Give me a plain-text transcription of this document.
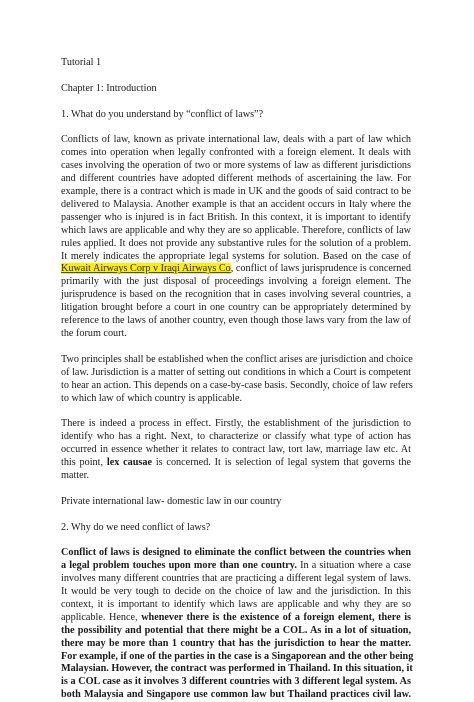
Tutorial 1
Chapter 1: Introduction
1. What do you understand by “conflict of laws”?
Conflicts of law, known as private international law, deals with a part of law which
comes into operation when legally confronted with a foreign element. It deals with
cases involving the operation of two or more systems of law as different jurisdictions
and different countries have adopted different methods of ascertaining the law. For
example, there is a contract which is made in UK and the goods of said contract to be
delivered to Malaysia. Another example is that an accident occurs in Italy where the
passenger who is injured is in fact British. In this context, it is important to identify
which laws are applicable and why they are so applicable. Therefore, conflicts of law
rules applied. It does not provide any substantive rules for the solution of a problem.
It merely indicates the appropriate legal systems for solution. Based on the case of
Kuwait Airways Corp v Iraqi Airways Co, conflict of laws jurisprudence is concerned
primarily with the just disposal of proceedings involving a foreign element. The
jurisprudence is based on the recognition that in cases involving several countries, a
litigation brought before a court in one country can be appropriately determined by
reference to the laws of another country, even though those laws vary from the law of
the forum court.
Two principles shall be established when the conflict arises are jurisdiction and choice
of law. Jurisdiction is a matter of setting out conditions in which a Court is competent
to hear an action. This depends on a case-by-case basis. Secondly, choice of law refers
to which law of which country is applicable.
There is indeed a process in effect. Firstly, the establishment of the jurisdiction to
identify who has a right. Next, to characterize or classify what type of action has
occurred in essence whether it relates to contract law, tort law, marriage law etc. At
this point, lex causae is concerned. It is selection of legal system that governs the
matter.
Private international law- domestic law in our country
2. Why do we need conflict of laws?
Conflict of laws is designed to eliminate the conflict between the countries when
a legal problem touches upon more than one country. In a situation where a case
involves many different countries that are practicing a different legal system of laws.
It would be very tough to decide on the choice of law and the jurisdiction. In this
context, it is important to identify which laws are applicable and why they are so
applicable. Hence, whenever there is the existence of a foreign element, there is
the possibility and potential that there might be a COL. As in a lot of situation,
there may be more than 1 country that has the jurisdiction to hear the matter.
For example, if one of the parties in the case is a Singaporean and the other being
Malaysian. However, the contract was performed in Thailand. In this situation, it
is a COL case as it involves 3 different countries with 3 different legal system. As
both Malaysia and Singapore use common law but Thailand practices civil law.
